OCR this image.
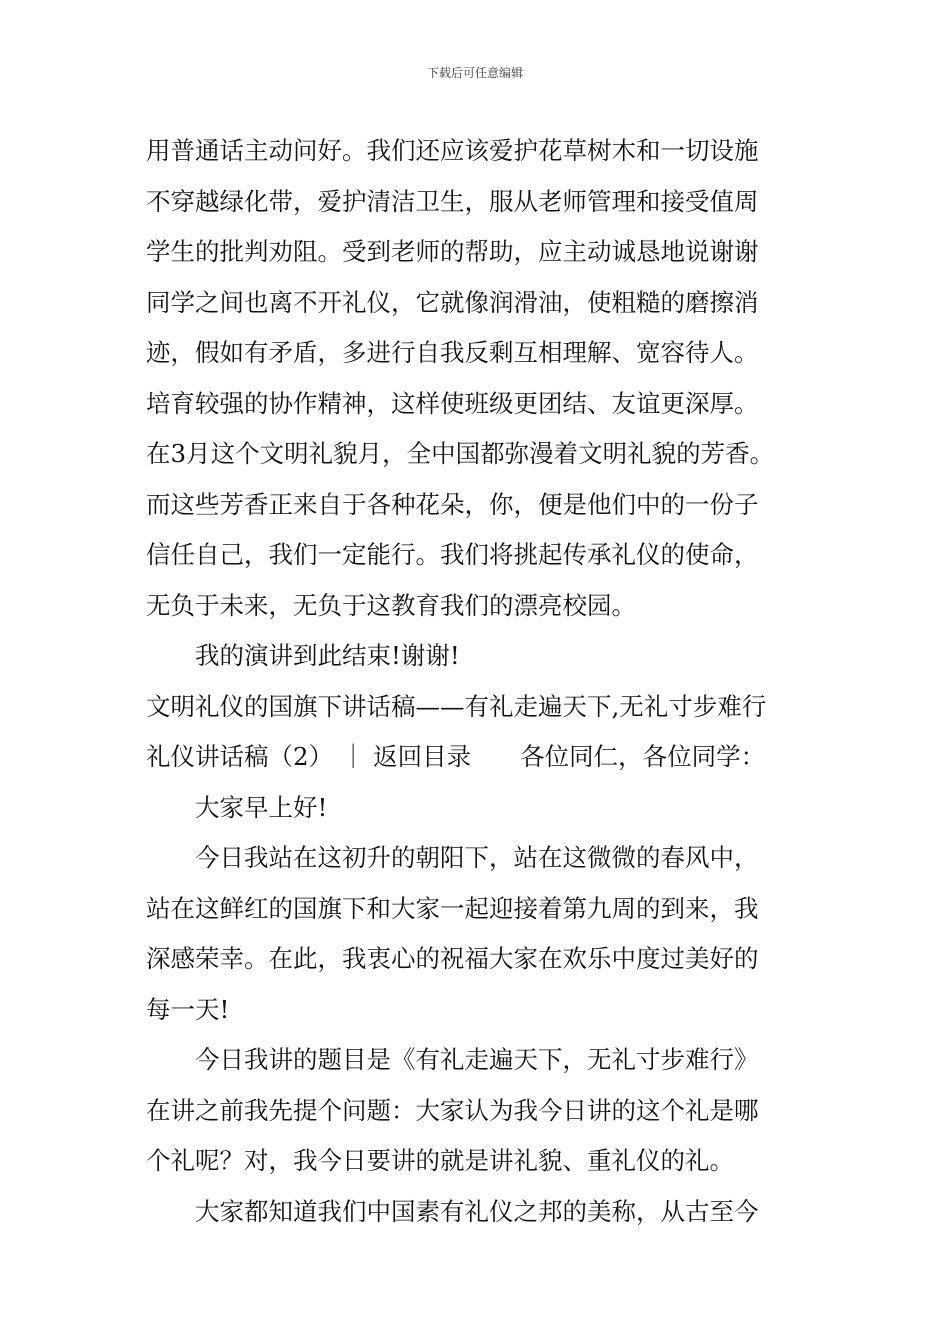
下载后可任意编辑
用普通话主动问好。我们还应该爱护花草树木和一切设施
不穿越绿化带，爱护清洁卫生，服从老师管理和接受值周
学生的批判劝阻。受到老师的帮助，应主动诚恳地说谢谢
同学之间也离不开礼仪，它就像润滑油，使粗糙的磨擦消
迹，假如有矛盾，多进行自我反剩互相理解、宽容待人。
培育较强的协作精神，这样使班级更团结、友谊更深厚。
在3月这个文明礼貌月，全中国都弥漫着文明礼貌的芳香。
而这些芳香正来自于各种花朵，你，便是他们中的一份子
信任自己，我们一定能行。我们将挑起传承礼仪的使命，
无负于未来，无负于这教育我们的漂亮校园。
我的演讲到此结束!谢谢!
文明礼仪的国旗下讲话稿——有礼走遍天下,无礼寸步难行
礼仪讲话稿（2） ｜ 返回目录　　各位同仁，各位同学：
大家早上好!
今日我站在这初升的朝阳下，站在这微微的春风中，
站在这鲜红的国旗下和大家一起迎接着第九周的到来，我
深感荣幸。在此，我衷心的祝福大家在欢乐中度过美好的
每一天!
今日我讲的题目是《有礼走遍天下，无礼寸步难行》
在讲之前我先提个问题：大家认为我今日讲的这个礼是哪
个礼呢？对，我今日要讲的就是讲礼貌、重礼仪的礼。
大家都知道我们中国素有礼仪之邦的美称，从古至今
